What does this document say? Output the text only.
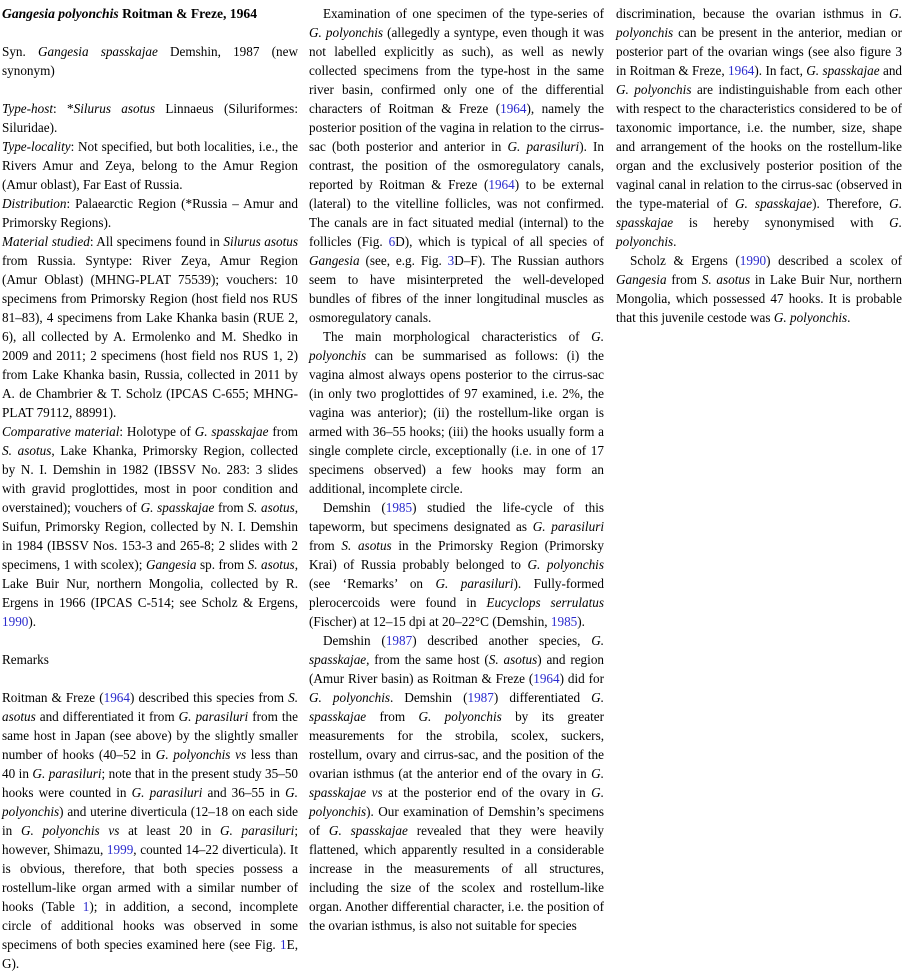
Gangesia polyonchis Roitman & Freze, 1964
Syn. Gangesia spasskajae Demshin, 1987 (new synonym)
Type-host: *Silurus asotus Linnaeus (Siluriformes: Siluridae).
Type-locality: Not specified, but both localities, i.e., the Rivers Amur and Zeya, belong to the Amur Region (Amur oblast), Far East of Russia.
Distribution: Palaearctic Region (*Russia – Amur and Primorsky Regions).
Material studied: All specimens found in Silurus asotus from Russia. Syntype: River Zeya, Amur Region (Amur Oblast) (MHNG-PLAT 75539); vouchers: 10 specimens from Primorsky Region (host field nos RUS 81–83), 4 specimens from Lake Khanka basin (RUE 2, 6), all collected by A. Ermolenko and M. Shedko in 2009 and 2011; 2 specimens (host field nos RUS 1, 2) from Lake Khanka basin, Russia, collected in 2011 by A. de Chambrier & T. Scholz (IPCAS C-655; MHNG-PLAT 79112, 88991).
Comparative material: Holotype of G. spasskajae from S. asotus, Lake Khanka, Primorsky Region, collected by N. I. Demshin in 1982 (IBSSV No. 283: 3 slides with gravid proglottides, most in poor condition and overstained); vouchers of G. spasskajae from S. asotus, Suifun, Primorsky Region, collected by N. I. Demshin in 1984 (IBSSV Nos. 153-3 and 265-8; 2 slides with 2 specimens, 1 with scolex); Gangesia sp. from S. asotus, Lake Buir Nur, northern Mongolia, collected by R. Ergens in 1966 (IPCAS C-514; see Scholz & Ergens, 1990).
Remarks
Roitman & Freze (1964) described this species from S. asotus and differentiated it from G. parasiluri from the same host in Japan (see above) by the slightly smaller number of hooks (40–52 in G. polyonchis vs less than 40 in G. parasiluri; note that in the present study 35–50 hooks were counted in G. parasiluri and 36–55 in G. polyonchis) and uterine diverticula (12–18 on each side in G. polyonchis vs at least 20 in G. parasiluri; however, Shimazu, 1999, counted 14–22 diverticula). It is obvious, therefore, that both species possess a rostellum-like organ armed with a similar number of hooks (Table 1); in addition, a second, incomplete circle of additional hooks was observed in some specimens of both species examined here (see Fig. 1E, G).
Examination of one specimen of the type-series of G. polyonchis (allegedly a syntype, even though it was not labelled explicitly as such), as well as newly collected specimens from the type-host in the same river basin, confirmed only one of the differential characters of Roitman & Freze (1964), namely the posterior position of the vagina in relation to the cirrus-sac (both posterior and anterior in G. parasiluri). In contrast, the position of the osmoregulatory canals, reported by Roitman & Freze (1964) to be external (lateral) to the vitelline follicles, was not confirmed. The canals are in fact situated medial (internal) to the follicles (Fig. 6D), which is typical of all species of Gangesia (see, e.g. Fig. 3D–F). The Russian authors seem to have misinterpreted the well-developed bundles of fibres of the inner longitudinal muscles as osmoregulatory canals.
The main morphological characteristics of G. polyonchis can be summarised as follows: (i) the vagina almost always opens posterior to the cirrus-sac (in only two proglottides of 97 examined, i.e. 2%, the vagina was anterior); (ii) the rostellum-like organ is armed with 36–55 hooks; (iii) the hooks usually form a single complete circle, exceptionally (i.e. in one of 17 specimens observed) a few hooks may form an additional, incomplete circle.
Demshin (1985) studied the life-cycle of this tapeworm, but specimens designated as G. parasiluri from S. asotus in the Primorsky Region (Primorsky Krai) of Russia probably belonged to G. polyonchis (see ‘Remarks’ on G. parasiluri). Fully-formed plerocercoids were found in Eucyclops serrulatus (Fischer) at 12–15 dpi at 20–22°C (Demshin, 1985).
Demshin (1987) described another species, G. spasskajae, from the same host (S. asotus) and region (Amur River basin) as Roitman & Freze (1964) did for G. polyonchis. Demshin (1987) differentiated G. spasskajae from G. polyonchis by its greater measurements for the strobila, scolex, suckers, rostellum, ovary and cirrus-sac, and the position of the ovarian isthmus (at the anterior end of the ovary in G. spasskajae vs at the posterior end of the ovary in G. polyonchis). Our examination of Demshin’s specimens of G. spasskajae revealed that they were heavily flattened, which apparently resulted in a considerable increase in the measurements of all structures, including the size of the scolex and rostellum-like organ. Another differential character, i.e. the position of the ovarian isthmus, is also not suitable for species
discrimination, because the ovarian isthmus in G. polyonchis can be present in the anterior, median or posterior part of the ovarian wings (see also figure 3 in Roitman & Freze, 1964). In fact, G. spasskajae and G. polyonchis are indistinguishable from each other with respect to the characteristics considered to be of taxonomic importance, i.e. the number, size, shape and arrangement of the hooks on the rostellum-like organ and the exclusively posterior position of the vaginal canal in relation to the cirrus-sac (observed in the type-material of G. spasskajae). Therefore, G. spasskajae is hereby synonymised with G. polyonchis.
Scholz & Ergens (1990) described a scolex of Gangesia from S. asotus in Lake Buir Nur, northern Mongolia, which possessed 47 hooks. It is probable that this juvenile cestode was G. polyonchis.
